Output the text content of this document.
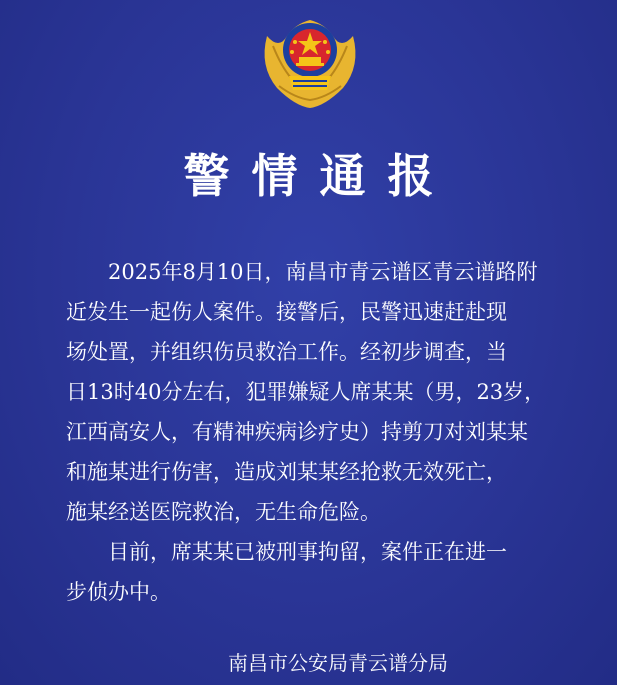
警情通报
2025年8月10日，南昌市青云谱区青云谱路附
近发生一起伤人案件。接警后，民警迅速赶赴现
场处置，并组织伤员救治工作。经初步调查，当
日13时40分左右，犯罪嫌疑人席某某（男，23岁，
江西高安人，有精神疾病诊疗史）持剪刀对刘某某
和施某进行伤害，造成刘某某经抢救无效死亡，
施某经送医院救治，无生命危险。
目前，席某某已被刑事拘留，案件正在进一
步侦办中。
南昌市公安局青云谱分局
